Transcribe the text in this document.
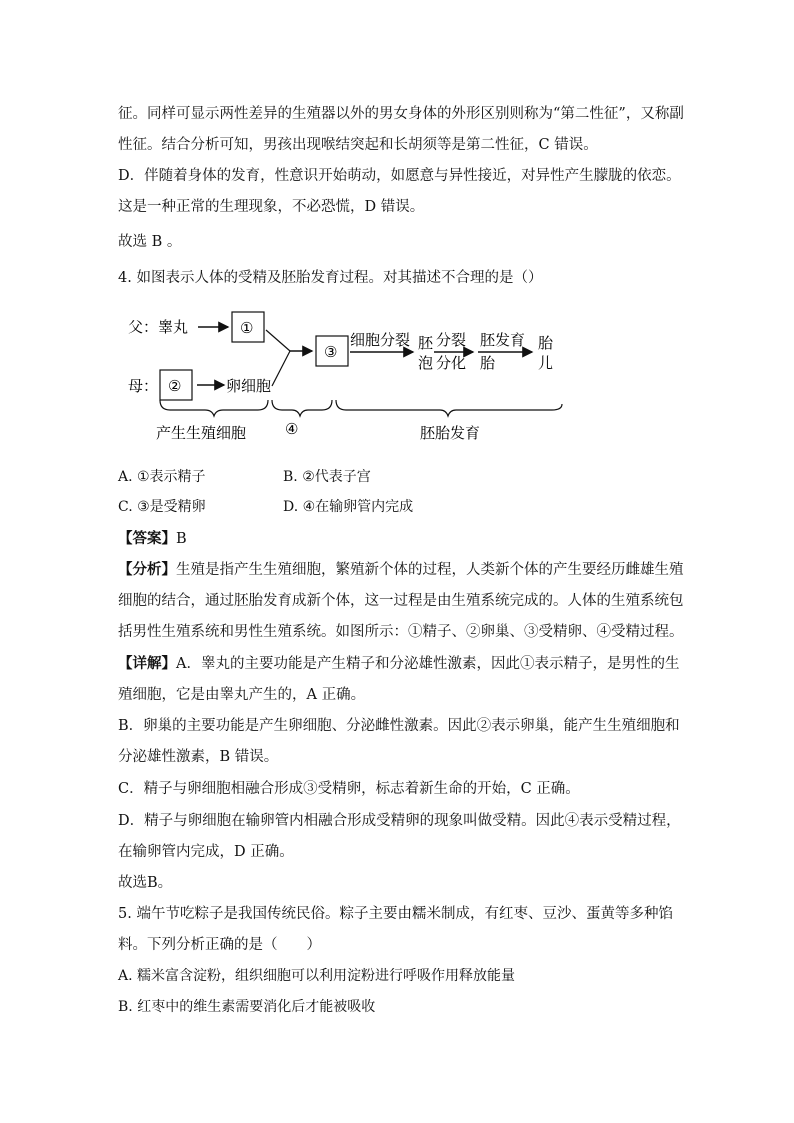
征。同样可显示两性差异的生殖器以外的男女身体的外形区别则称为“第二性征”，又称副
性征。结合分析可知，男孩出现喉结突起和长胡须等是第二性征，C 错误。
D．伴随着身体的发育，性意识开始萌动，如愿意与异性接近，对异性产生朦胧的依恋。
这是一种正常的生理现象，不必恐慌，D 错误。
故选 B 。
4. 如图表示人体的受精及胚胎发育过程。对其描述不合理的是（）
父：睾丸	①
母： ②	卵细胞
③
细胞分裂 胚
泡
分裂
分化
胚发育
胎
胎
儿
产生生殖细胞	④	胚胎发育
A. ①表示精子	B. ②代表子宫
C. ③是受精卵	D. ④在输卵管内完成
【答案】B
【分析】生殖是指产生生殖细胞，繁殖新个体的过程，人类新个体的产生要经历雌雄生殖
细胞的结合，通过胚胎发育成新个体，这一过程是由生殖系统完成的。人体的生殖系统包
括男性生殖系统和男性生殖系统。如图所示：①精子、②卵巢、③受精卵、④受精过程。
【详解】A．睾丸的主要功能是产生精子和分泌雄性激素，因此①表示精子，是男性的生
殖细胞，它是由睾丸产生的，A 正确。
B．卵巢的主要功能是产生卵细胞、分泌雌性激素。因此②表示卵巢，能产生生殖细胞和
分泌雄性激素，B 错误。
C．精子与卵细胞相融合形成③受精卵，标志着新生命的开始，C 正确。
D．精子与卵细胞在输卵管内相融合形成受精卵的现象叫做受精。因此④表示受精过程，
在输卵管内完成，D 正确。
故选B。
5. 端午节吃粽子是我国传统民俗。粽子主要由糯米制成，有红枣、豆沙、蛋黄等多种馅
料。下列分析正确的是（　　）
A. 糯米富含淀粉，组织细胞可以利用淀粉进行呼吸作用释放能量
B. 红枣中的维生素需要消化后才能被吸收
